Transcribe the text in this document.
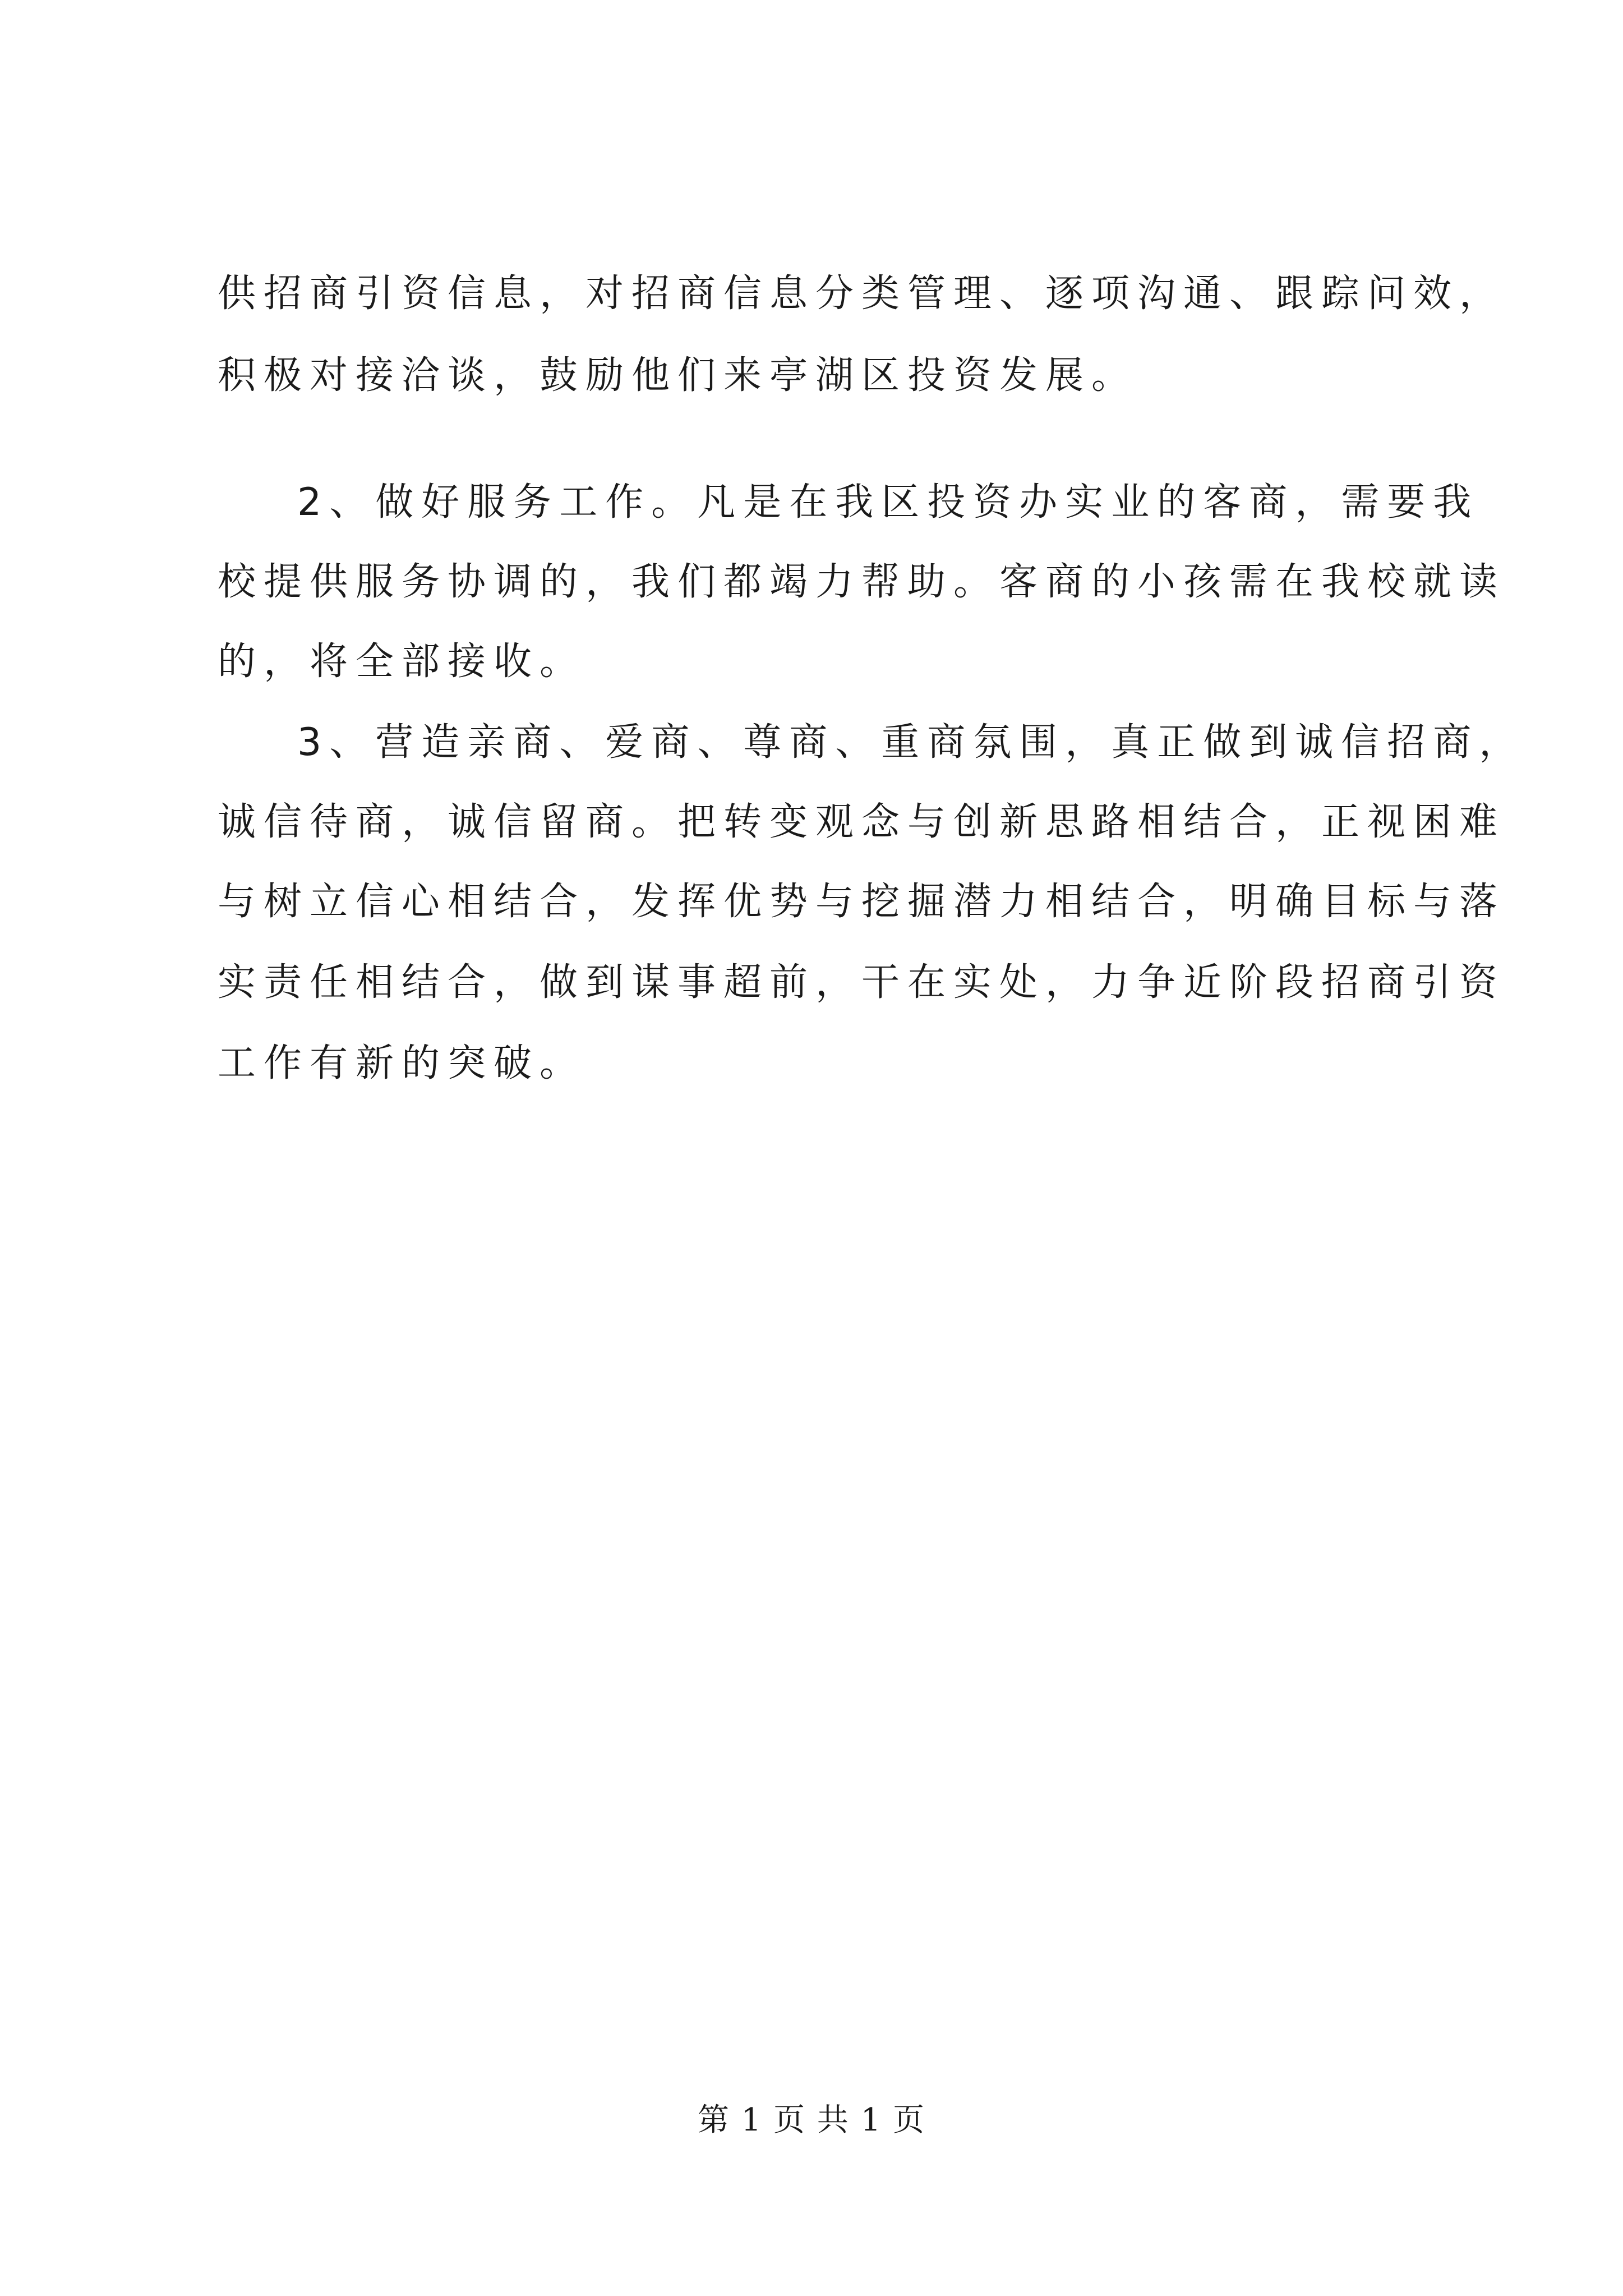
供招商引资信息，对招商信息分类管理、逐项沟通、跟踪问效，
积极对接洽谈，鼓励他们来亭湖区投资发展。
2、做好服务工作。凡是在我区投资办实业的客商，需要我
校提供服务协调的，我们都竭力帮助。客商的小孩需在我校就读
的，将全部接收。
3、营造亲商、爱商、尊商、重商氛围，真正做到诚信招商，
诚信待商，诚信留商。把转变观念与创新思路相结合，正视困难
与树立信心相结合，发挥优势与挖掘潜力相结合，明确目标与落
实责任相结合，做到谋事超前，干在实处，力争近阶段招商引资
工作有新的突破。
第 1 页 共 1 页
